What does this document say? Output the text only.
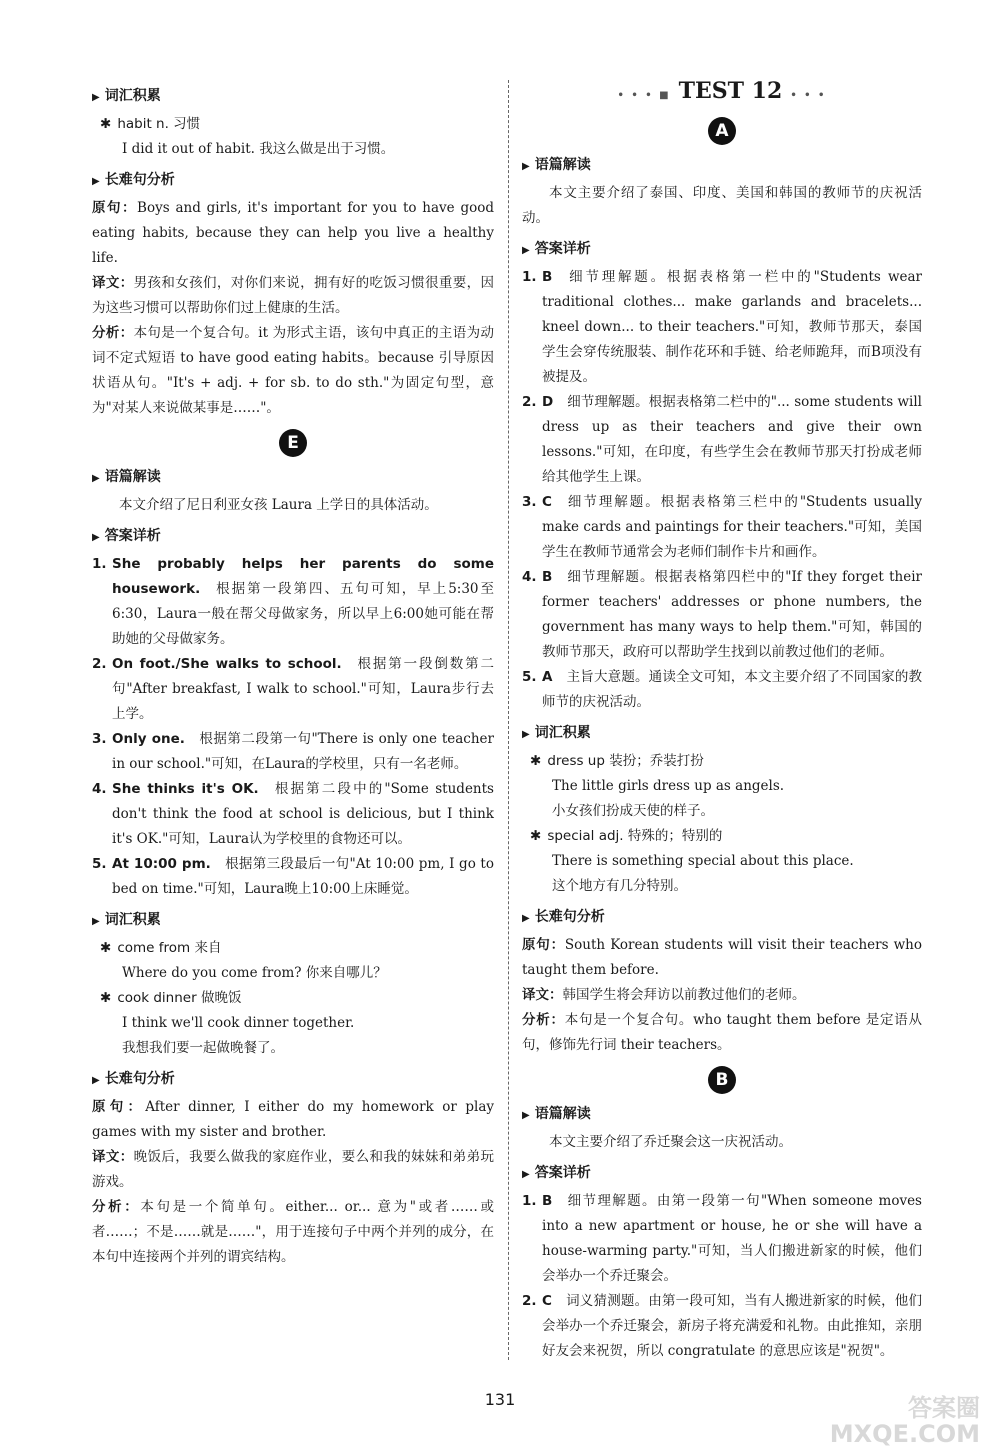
▶ 词汇积累
✱ habit n. 习惯
I did it out of habit. 我这么做是出于习惯。
▶ 长难句分析
原句：Boys and girls, it's important for you to have good eating habits, because they can help you live a healthy life.
译文：男孩和女孩们，对你们来说，拥有好的吃饭习惯很重要，因为这些习惯可以帮助你们过上健康的生活。
分析：本句是一个复合句。it 为形式主语，该句中真正的主语为动词不定式短语 to have good eating habits。because 引导原因状语从句。"It's + adj. + for sb. to do sth."为固定句型，意为"对某人来说做某事是……"。
E
▶ 语篇解读
本文介绍了尼日利亚女孩 Laura 上学日的具体活动。
▶ 答案详析
1. She probably helps her parents do some housework. 根据第一段第四、五句可知，早上5:30至6:30，Laura一般在帮父母做家务，所以早上6:00她可能在帮助她的父母做家务。
2. On foot./She walks to school. 根据第一段倒数第二句"After breakfast, I walk to school."可知，Laura步行去上学。
3. Only one. 根据第二段第一句"There is only one teacher in our school."可知，在Laura的学校里，只有一名老师。
4. She thinks it's OK. 根据第二段中的"Some students don't think the food at school is delicious, but I think it's OK."可知，Laura认为学校里的食物还可以。
5. At 10:00 pm. 根据第三段最后一句"At 10:00 pm, I go to bed on time."可知，Laura晚上10:00上床睡觉。
▶ 词汇积累
✱ come from 来自
Where do you come from? 你来自哪儿？
✱ cook dinner 做晚饭
I think we'll cook dinner together.
我想我们要一起做晚餐了。
▶ 长难句分析
原句：After dinner, I either do my homework or play games with my sister and brother.
译文：晚饭后，我要么做我的家庭作业，要么和我的妹妹和弟弟玩游戏。
分析：本句是一个简单句。either... or... 意为"或者……或者……；不是……就是……"，用于连接句子中两个并列的成分，在本句中连接两个并列的谓宾结构。
• • • ■ TEST 12 • • •
A
▶ 语篇解读
本文主要介绍了泰国、印度、美国和韩国的教师节的庆祝活动。
▶ 答案详析
1. B 细节理解题。根据表格第一栏中的"Students wear traditional clothes... make garlands and bracelets... kneel down... to their teachers."可知，教师节那天，泰国学生会穿传统服装、制作花环和手链、给老师跪拜，而B项没有被提及。
2. D 细节理解题。根据表格第二栏中的"... some students will dress up as their teachers and give their own lessons."可知，在印度，有些学生会在教师节那天打扮成老师给其他学生上课。
3. C 细节理解题。根据表格第三栏中的"Students usually make cards and paintings for their teachers."可知，美国学生在教师节通常会为老师们制作卡片和画作。
4. B 细节理解题。根据表格第四栏中的"If they forget their former teachers' addresses or phone numbers, the government has many ways to help them."可知，韩国的教师节那天，政府可以帮助学生找到以前教过他们的老师。
5. A 主旨大意题。通读全文可知，本文主要介绍了不同国家的教师节的庆祝活动。
▶ 词汇积累
✱ dress up 装扮；乔装打扮
The little girls dress up as angels.
小女孩们扮成天使的样子。
✱ special adj. 特殊的；特别的
There is something special about this place.
这个地方有几分特别。
▶ 长难句分析
原句：South Korean students will visit their teachers who taught them before.
译文：韩国学生将会拜访以前教过他们的老师。
分析：本句是一个复合句。who taught them before 是定语从句，修饰先行词 their teachers。
B
▶ 语篇解读
本文主要介绍了乔迁聚会这一庆祝活动。
▶ 答案详析
1. B 细节理解题。由第一段第一句"When someone moves into a new apartment or house, he or she will have a house-warming party."可知，当人们搬进新家的时候，他们会举办一个乔迁聚会。
2. C 词义猜测题。由第一段可知，当有人搬进新家的时候，他们会举办一个乔迁聚会，新房子将充满爱和礼物。由此推知，亲朋好友会来祝贺，所以 congratulate 的意思应该是"祝贺"。
131	答案圈
MXQE.COM
